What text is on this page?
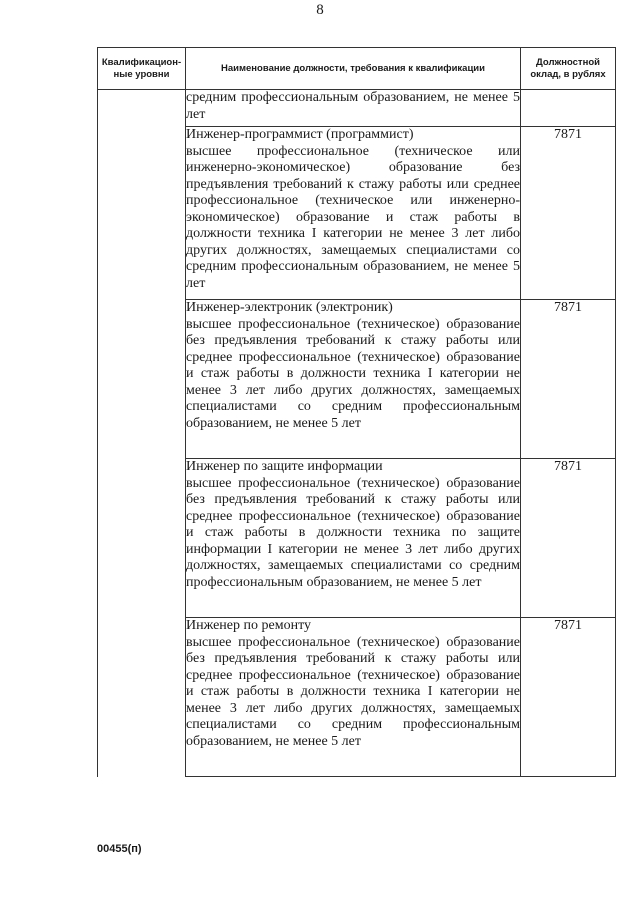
8
Квалификацион-ные уровни	Наименование должности, требования к квалификации	Должностной оклад, в рублях
	средним профессиональным образованием, не менее 5 лет	

	Инженер-программист (программист)
высшее профессиональное (техническое или инженерно-экономическое) образование без предъявления требований к стажу работы или среднее профессиональное (техническое или инженерно-экономическое) образование и стаж работы в должности техника I категории не менее 3 лет либо других должностях, замещаемых специалистами со средним профессиональным образованием, не менее 5 лет	7871

	Инженер-электроник (электроник)
высшее профессиональное (техническое) образование без предъявления требований к стажу работы или среднее профессиональное (техническое) образование и стаж работы в должности техника I категории не менее 3 лет либо других должностях, замещаемых специалистами со средним профессиональным образованием, не менее 5 лет	7871

	Инженер по защите информации
высшее профессиональное (техническое) образование без предъявления требований к стажу работы или среднее профессиональное (техническое) образование и стаж работы в должности техника по защите информации I категории не менее 3 лет либо других должностях, замещаемых специалистами со средним профессиональным образованием, не менее 5 лет	7871

	Инженер по ремонту
высшее профессиональное (техническое) образование без предъявления требований к стажу работы или среднее профессиональное (техническое) образование и стаж работы в должности техника I категории не менее 3 лет либо других должностях, замещаемых специалистами со средним профессиональным образованием, не менее 5 лет	7871
00455(п)
